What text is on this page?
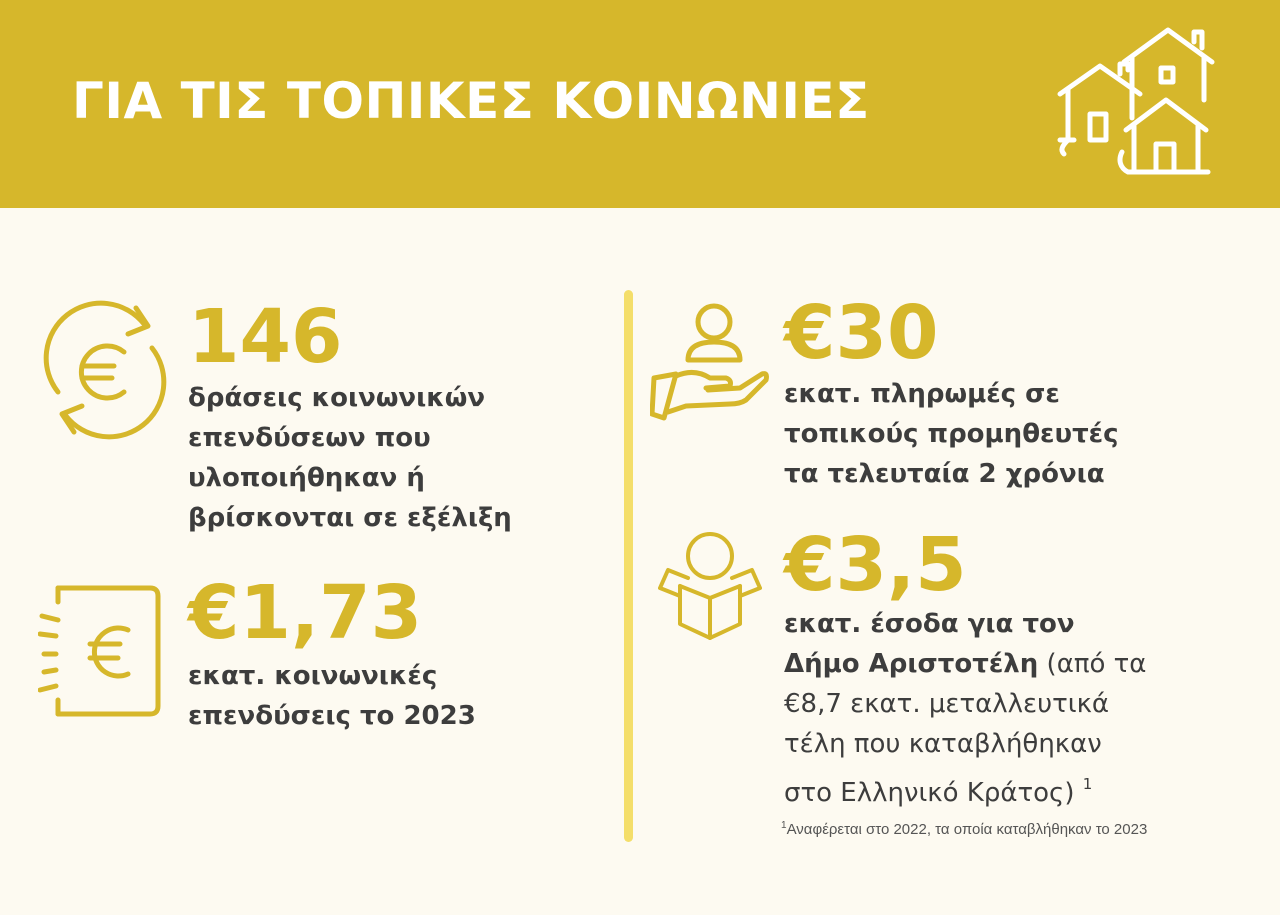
ΓΙΑ ΤΙΣ ΤΟΠΙΚΕΣ ΚΟΙΝΩΝΙΕΣ
146
δράσεις κοινωνικών
επενδύσεων που
υλοποιήθηκαν ή
βρίσκονται σε εξέλιξη
€1,73
εκατ. κοινωνικές
επενδύσεις το 2023
€30
εκατ. πληρωμές σε
τοπικούς προμηθευτές
τα τελευταία 2 χρόνια
€3,5
εκατ. έσοδα για τον
Δήμο Αριστοτέλη (από τα
€8,7 εκατ. μεταλλευτικά
τέλη που καταβλήθηκαν
στο Ελληνικό Κράτος) $^1$
$^1$Αναφέρεται στο 2022, τα οποία καταβλήθηκαν το 2023
